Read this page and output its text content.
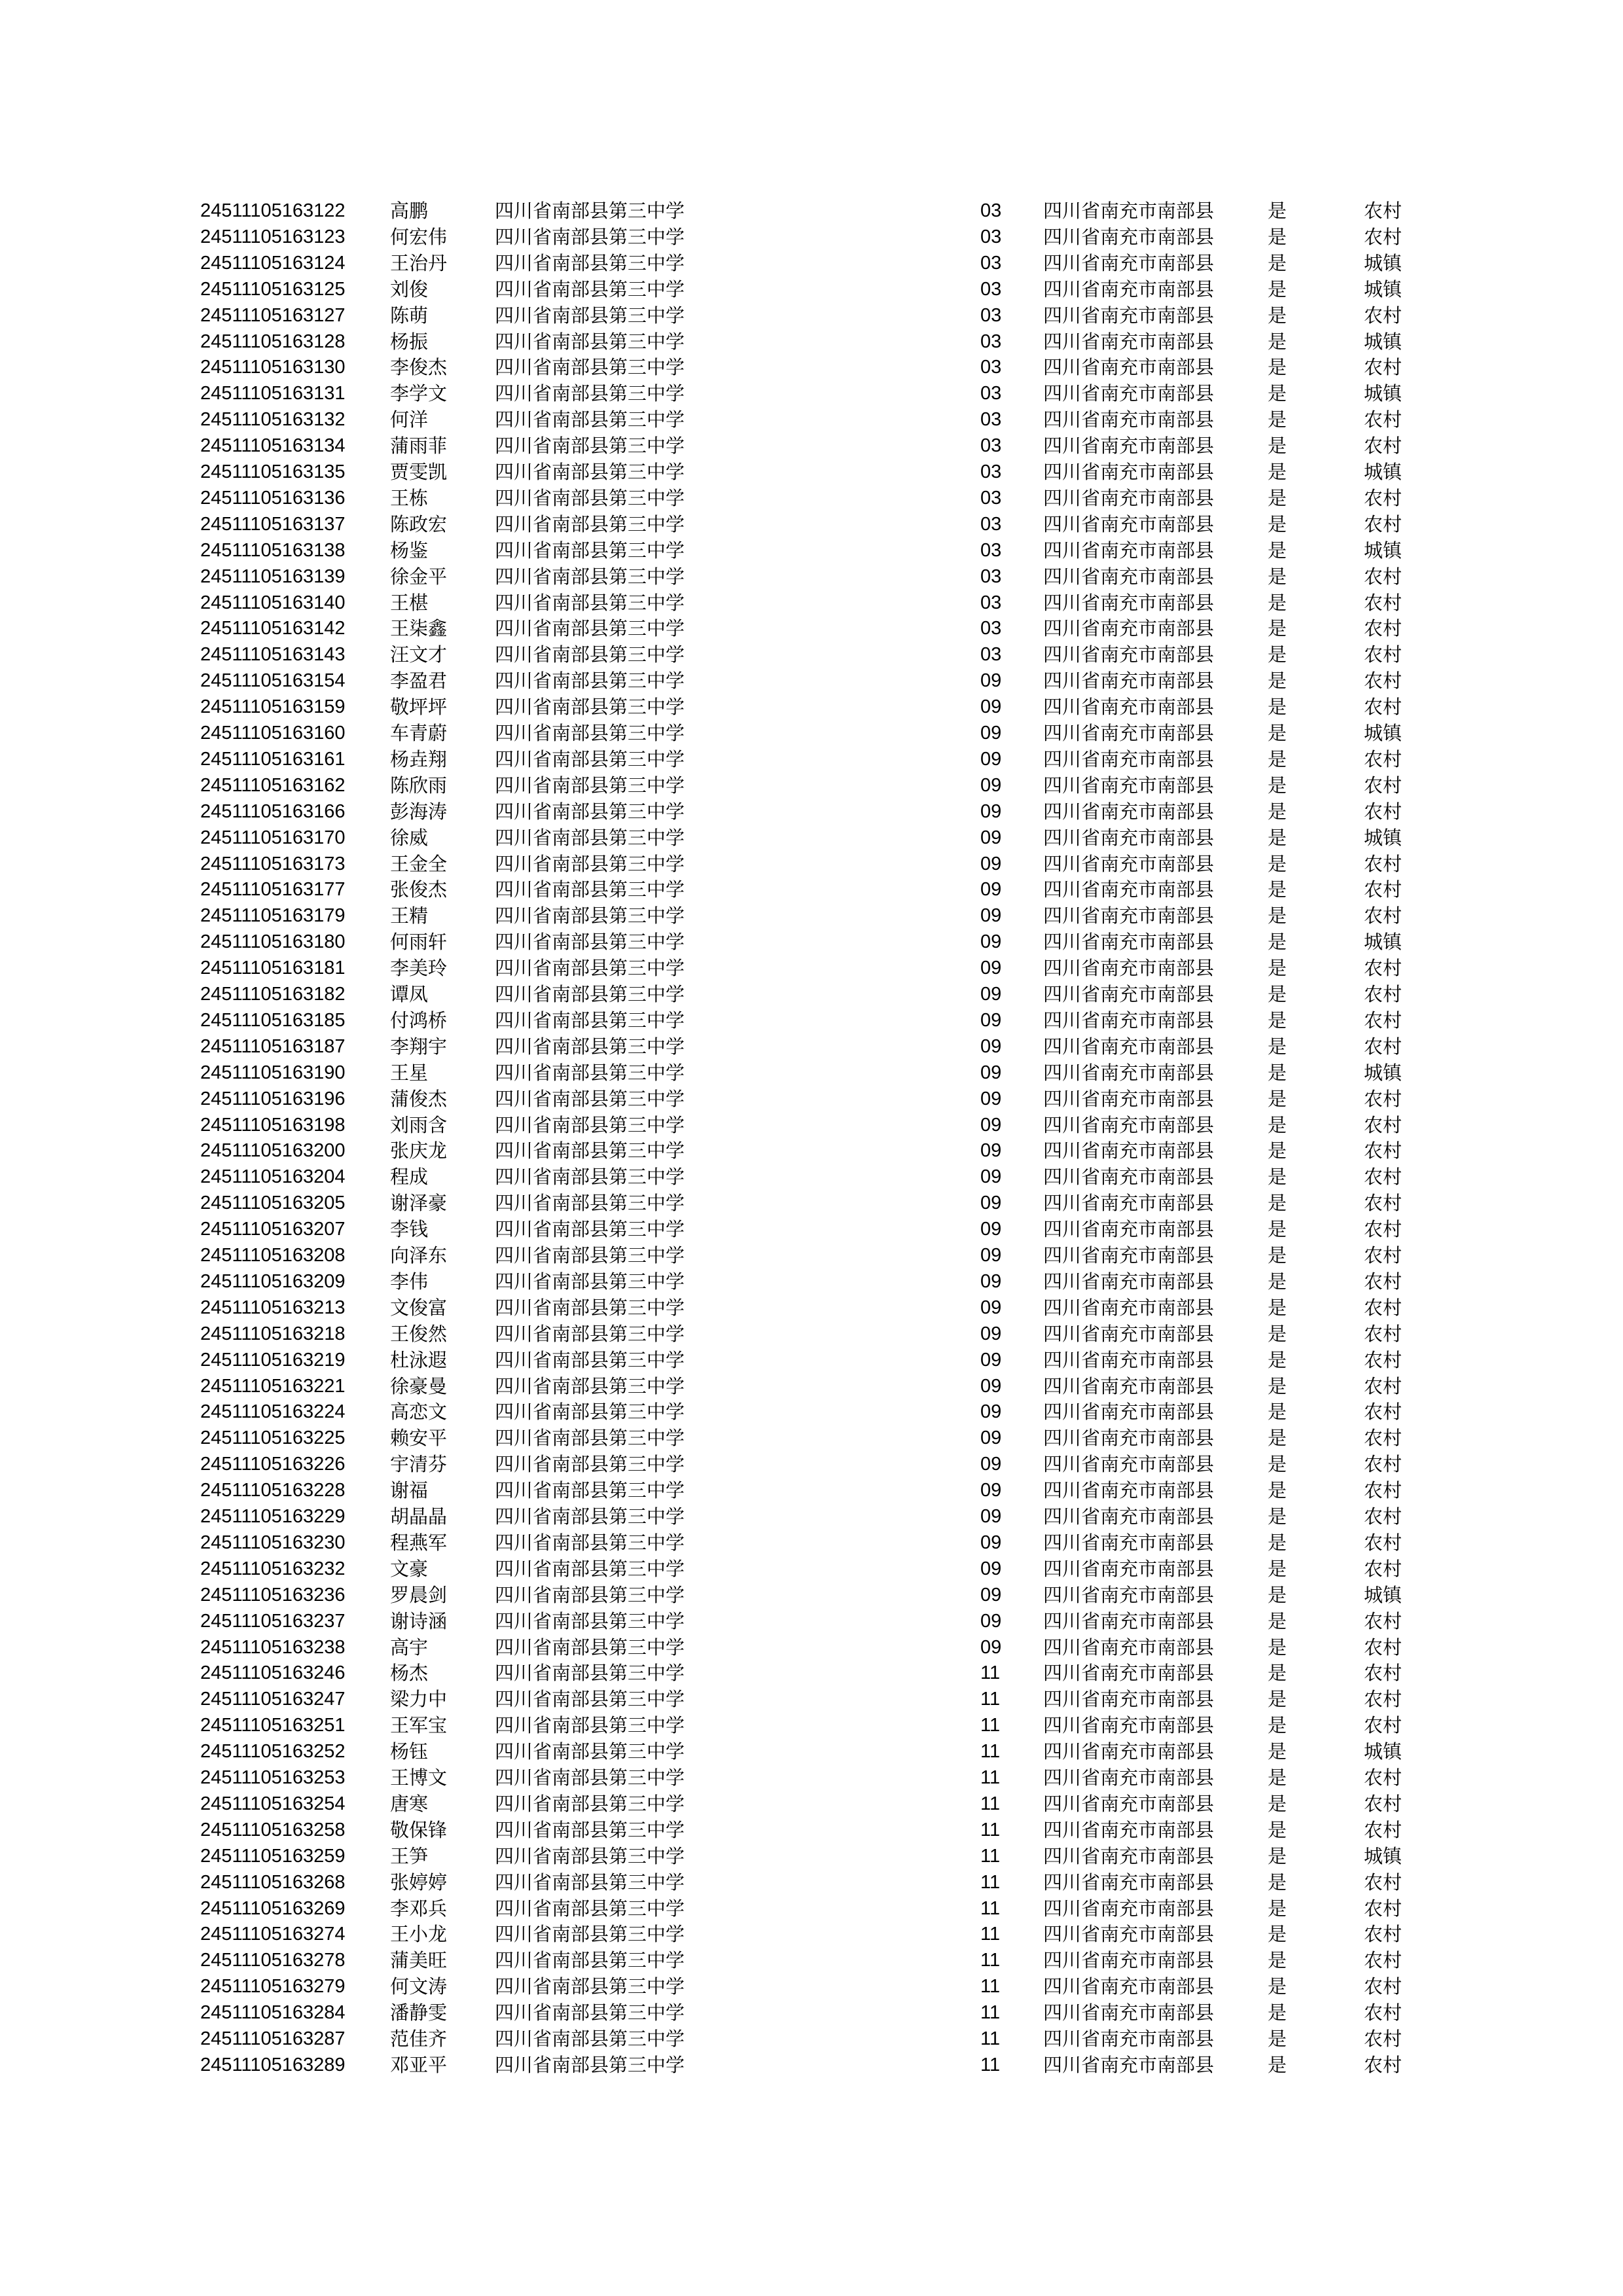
24511105163122	高鹏	四川省南部县第三中学	03	四川省南充市南部县	是	农村
24511105163123	何宏伟	四川省南部县第三中学	03	四川省南充市南部县	是	农村
24511105163124	王治丹	四川省南部县第三中学	03	四川省南充市南部县	是	城镇
24511105163125	刘俊	四川省南部县第三中学	03	四川省南充市南部县	是	城镇
24511105163127	陈萌	四川省南部县第三中学	03	四川省南充市南部县	是	农村
24511105163128	杨振	四川省南部县第三中学	03	四川省南充市南部县	是	城镇
24511105163130	李俊杰	四川省南部县第三中学	03	四川省南充市南部县	是	农村
24511105163131	李学文	四川省南部县第三中学	03	四川省南充市南部县	是	城镇
24511105163132	何洋	四川省南部县第三中学	03	四川省南充市南部县	是	农村
24511105163134	蒲雨菲	四川省南部县第三中学	03	四川省南充市南部县	是	农村
24511105163135	贾雯凯	四川省南部县第三中学	03	四川省南充市南部县	是	城镇
24511105163136	王栋	四川省南部县第三中学	03	四川省南充市南部县	是	农村
24511105163137	陈政宏	四川省南部县第三中学	03	四川省南充市南部县	是	农村
24511105163138	杨鉴	四川省南部县第三中学	03	四川省南充市南部县	是	城镇
24511105163139	徐金平	四川省南部县第三中学	03	四川省南充市南部县	是	农村
24511105163140	王椹	四川省南部县第三中学	03	四川省南充市南部县	是	农村
24511105163142	王柒鑫	四川省南部县第三中学	03	四川省南充市南部县	是	农村
24511105163143	汪文才	四川省南部县第三中学	03	四川省南充市南部县	是	农村
24511105163154	李盈君	四川省南部县第三中学	09	四川省南充市南部县	是	农村
24511105163159	敬坪坪	四川省南部县第三中学	09	四川省南充市南部县	是	农村
24511105163160	车青蔚	四川省南部县第三中学	09	四川省南充市南部县	是	城镇
24511105163161	杨垚翔	四川省南部县第三中学	09	四川省南充市南部县	是	农村
24511105163162	陈欣雨	四川省南部县第三中学	09	四川省南充市南部县	是	农村
24511105163166	彭海涛	四川省南部县第三中学	09	四川省南充市南部县	是	农村
24511105163170	徐威	四川省南部县第三中学	09	四川省南充市南部县	是	城镇
24511105163173	王金全	四川省南部县第三中学	09	四川省南充市南部县	是	农村
24511105163177	张俊杰	四川省南部县第三中学	09	四川省南充市南部县	是	农村
24511105163179	王精	四川省南部县第三中学	09	四川省南充市南部县	是	农村
24511105163180	何雨轩	四川省南部县第三中学	09	四川省南充市南部县	是	城镇
24511105163181	李美玲	四川省南部县第三中学	09	四川省南充市南部县	是	农村
24511105163182	谭凤	四川省南部县第三中学	09	四川省南充市南部县	是	农村
24511105163185	付鸿桥	四川省南部县第三中学	09	四川省南充市南部县	是	农村
24511105163187	李翔宇	四川省南部县第三中学	09	四川省南充市南部县	是	农村
24511105163190	王星	四川省南部县第三中学	09	四川省南充市南部县	是	城镇
24511105163196	蒲俊杰	四川省南部县第三中学	09	四川省南充市南部县	是	农村
24511105163198	刘雨含	四川省南部县第三中学	09	四川省南充市南部县	是	农村
24511105163200	张庆龙	四川省南部县第三中学	09	四川省南充市南部县	是	农村
24511105163204	程成	四川省南部县第三中学	09	四川省南充市南部县	是	农村
24511105163205	谢泽豪	四川省南部县第三中学	09	四川省南充市南部县	是	农村
24511105163207	李钱	四川省南部县第三中学	09	四川省南充市南部县	是	农村
24511105163208	向泽东	四川省南部县第三中学	09	四川省南充市南部县	是	农村
24511105163209	李伟	四川省南部县第三中学	09	四川省南充市南部县	是	农村
24511105163213	文俊富	四川省南部县第三中学	09	四川省南充市南部县	是	农村
24511105163218	王俊然	四川省南部县第三中学	09	四川省南充市南部县	是	农村
24511105163219	杜泳遐	四川省南部县第三中学	09	四川省南充市南部县	是	农村
24511105163221	徐豪曼	四川省南部县第三中学	09	四川省南充市南部县	是	农村
24511105163224	高恋文	四川省南部县第三中学	09	四川省南充市南部县	是	农村
24511105163225	赖安平	四川省南部县第三中学	09	四川省南充市南部县	是	农村
24511105163226	宇清芬	四川省南部县第三中学	09	四川省南充市南部县	是	农村
24511105163228	谢福	四川省南部县第三中学	09	四川省南充市南部县	是	农村
24511105163229	胡晶晶	四川省南部县第三中学	09	四川省南充市南部县	是	农村
24511105163230	程燕军	四川省南部县第三中学	09	四川省南充市南部县	是	农村
24511105163232	文豪	四川省南部县第三中学	09	四川省南充市南部县	是	农村
24511105163236	罗晨剑	四川省南部县第三中学	09	四川省南充市南部县	是	城镇
24511105163237	谢诗涵	四川省南部县第三中学	09	四川省南充市南部县	是	农村
24511105163238	高宇	四川省南部县第三中学	09	四川省南充市南部县	是	农村
24511105163246	杨杰	四川省南部县第三中学	11	四川省南充市南部县	是	农村
24511105163247	梁力中	四川省南部县第三中学	11	四川省南充市南部县	是	农村
24511105163251	王军宝	四川省南部县第三中学	11	四川省南充市南部县	是	农村
24511105163252	杨钰	四川省南部县第三中学	11	四川省南充市南部县	是	城镇
24511105163253	王博文	四川省南部县第三中学	11	四川省南充市南部县	是	农村
24511105163254	唐寒	四川省南部县第三中学	11	四川省南充市南部县	是	农村
24511105163258	敬保锋	四川省南部县第三中学	11	四川省南充市南部县	是	农村
24511105163259	王笋	四川省南部县第三中学	11	四川省南充市南部县	是	城镇
24511105163268	张婷婷	四川省南部县第三中学	11	四川省南充市南部县	是	农村
24511105163269	李邓兵	四川省南部县第三中学	11	四川省南充市南部县	是	农村
24511105163274	王小龙	四川省南部县第三中学	11	四川省南充市南部县	是	农村
24511105163278	蒲美旺	四川省南部县第三中学	11	四川省南充市南部县	是	农村
24511105163279	何文涛	四川省南部县第三中学	11	四川省南充市南部县	是	农村
24511105163284	潘静雯	四川省南部县第三中学	11	四川省南充市南部县	是	农村
24511105163287	范佳齐	四川省南部县第三中学	11	四川省南充市南部县	是	农村
24511105163289	邓亚平	四川省南部县第三中学	11	四川省南充市南部县	是	农村
